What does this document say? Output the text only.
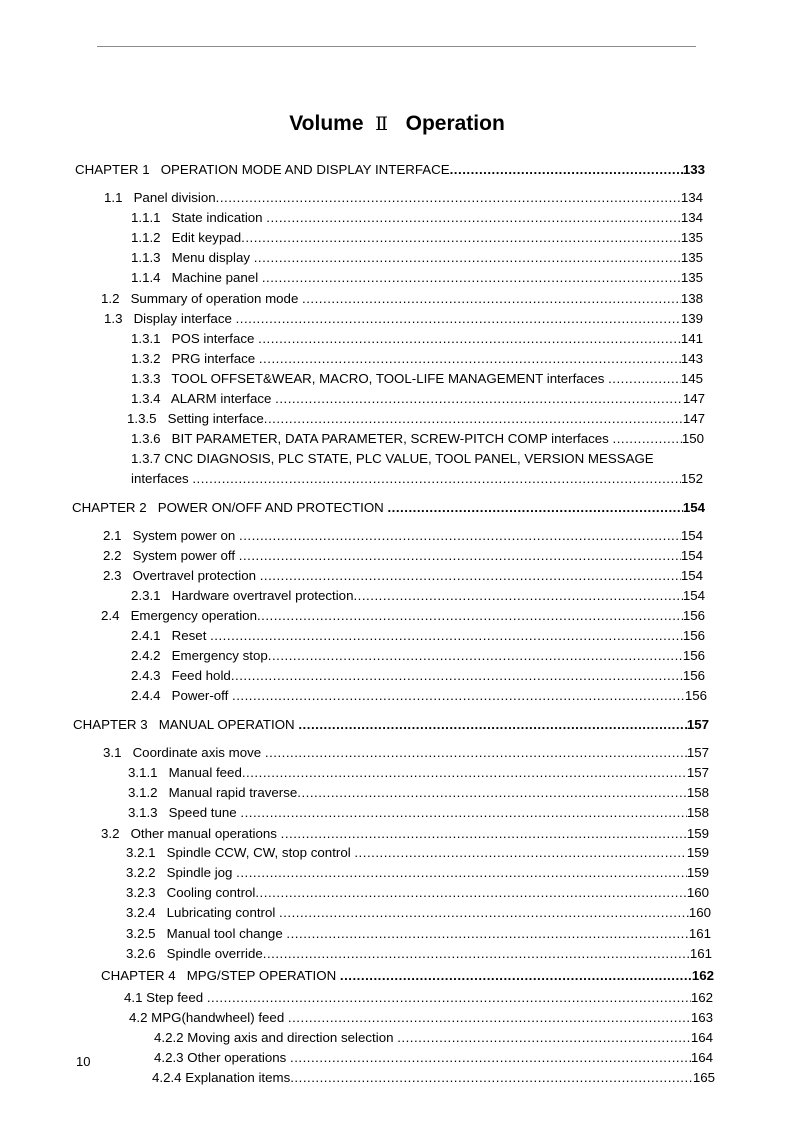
Volume Ⅱ Operation
CHAPTER 1   OPERATION MODE AND DISPLAY INTERFACE .....	133
1.1   Panel division .....	134
1.1.1   State indication .....	134
1.1.2   Edit keypad .....	135
1.1.3   Menu display .....	135
1.1.4   Machine panel .....	135
1.2   Summary of operation mode .....	138
1.3   Display interface .....	139
1.3.1   POS interface .....	141
1.3.2   PRG interface .....	143
1.3.3   TOOL OFFSET&WEAR, MACRO, TOOL-LIFE MANAGEMENT interfaces .....	145
1.3.4   ALARM interface .....	147
1.3.5   Setting interface .....	147
1.3.6   BIT PARAMETER, DATA PARAMETER, SCREW-PITCH COMP interfaces .....	150
1.3.7 CNC DIAGNOSIS, PLC STATE, PLC VALUE, TOOL PANEL, VERSION MESSAGE
interfaces .....	152
CHAPTER 2   POWER ON/OFF AND PROTECTION .....	154
2.1   System power on .....	154
2.2   System power off .....	154
2.3   Overtravel protection .....	154
2.3.1   Hardware overtravel protection .....	154
2.4   Emergency operation .....	156
2.4.1   Reset .....	156
2.4.2   Emergency stop .....	156
2.4.3   Feed hold .....	156
2.4.4   Power-off .....	156
CHAPTER 3   MANUAL OPERATION .....	157
3.1   Coordinate axis move .....	157
3.1.1   Manual feed .....	157
3.1.2   Manual rapid traverse .....	158
3.1.3   Speed tune .....	158
3.2   Other manual operations .....	159
3.2.1   Spindle CCW, CW, stop control .....	159
3.2.2   Spindle jog .....	159
3.2.3   Cooling control .....	160
3.2.4   Lubricating control .....	160
3.2.5   Manual tool change .....	161
3.2.6   Spindle override .....	161
CHAPTER 4   MPG/STEP OPERATION .....	162
4.1 Step feed .....	162
4.2 MPG(handwheel) feed .....	163
4.2.2 Moving axis and direction selection .....	164
4.2.3 Other operations .....	164
4.2.4 Explanation items .....	165
10
